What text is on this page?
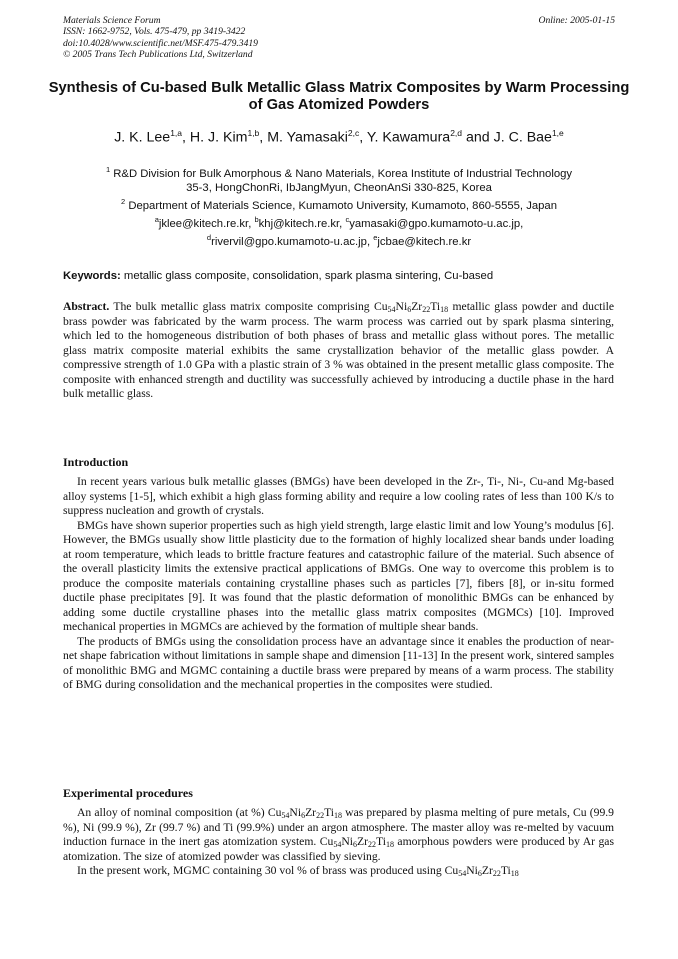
Materials Science Forum
ISSN: 1662-9752, Vols. 475-479, pp 3419-3422
doi:10.4028/www.scientific.net/MSF.475-479.3419
© 2005 Trans Tech Publications Ltd, Switzerland
Online: 2005-01-15
Synthesis of Cu-based Bulk Metallic Glass Matrix Composites by Warm Processing of Gas Atomized Powders
J. K. Lee$^{1,a}$, H. J. Kim$^{1,b}$, M. Yamasaki$^{2,c}$, Y. Kawamura$^{2,d}$ and J. C. Bae$^{1,e}$
$^1$ R&D Division for Bulk Amorphous & Nano Materials, Korea Institute of Industrial Technology
35-3, HongChonRi, IbJangMyun, CheonAnSi 330-825, Korea
$^2$ Department of Materials Science, Kumamoto University, Kumamoto, 860-5555, Japan
$^a$jklee@kitech.re.kr, $^b$khj@kitech.re.kr, $^c$yamasaki@gpo.kumamoto-u.ac.jp,
$^d$rivervil@gpo.kumamoto-u.ac.jp, $^e$jcbae@kitech.re.kr
Keywords: metallic glass composite, consolidation, spark plasma sintering, Cu-based

Abstract. The bulk metallic glass matrix composite comprising $Cu_{54}Ni_6Zr_{22}Ti_{18}$ metallic glass powder and ductile brass powder was fabricated by the warm process. The warm process was carried out by spark plasma sintering, which led to the homogeneous distribution of both phases of brass and metallic glass without pores. The metallic glass matrix composite material exhibits the same crystallization behavior of the metallic glass powder. A compressive strength of 1.0 GPa with a plastic strain of 3 % was obtained in the present metallic glass composite. The composite with enhanced strength and ductility was successfully achieved by introducing a ductile phase in the hard bulk metallic glass.

Introduction

In recent years various bulk metallic glasses (BMGs) have been developed in the Zr-, Ti-, Ni-, Cu-and Mg-based alloy systems [1-5], which exhibit a high glass forming ability and require a low cooling rates of less than 100 K/s to suppress nucleation and growth of crystals.

BMGs have shown superior properties such as high yield strength, large elastic limit and low Young’s modulus [6]. However, the BMGs usually show little plasticity due to the formation of highly localized shear bands under loading at room temperature, which leads to brittle fracture features and catastrophic failure of the material. Such absence of the overall plasticity limits the extensive practical applications of BMGs. One way to overcome this problem is to produce the composite materials containing crystalline phases such as particles [7], fibers [8], or in-situ formed ductile phase precipitates [9]. It was found that the plastic deformation of monolithic BMGs can be enhanced by adding some ductile crystalline phases into the metallic glass matrix composites (MGMCs) [10]. Improved mechanical properties in MGMCs are achieved by the formation of multiple shear bands.

The products of BMGs using the consolidation process have an advantage since it enables the production of near-net shape fabrication without limitations in sample shape and dimension [11-13] In the present work, sintered samples of monolithic BMG and MGMC containing a ductile brass were prepared by means of a warm process. The stability of BMG during consolidation and the mechanical properties in the composites were studied.

Experimental procedures

An alloy of nominal composition (at %) $Cu_{54}Ni_6Zr_{22}Ti_{18}$ was prepared by plasma melting of pure metals, Cu (99.9 %), Ni (99.9 %), Zr (99.7 %) and Ti (99.9%) under an argon atmosphere. The master alloy was re-melted by vacuum induction furnace in the inert gas atomization system. $Cu_{54}Ni_6Zr_{22}Ti_{18}$ amorphous powders were produced by Ar gas atomization. The size of atomized powder was classified by sieving.

In the present work, MGMC containing 30 vol % of brass was produced using $Cu_{54}Ni_6Zr_{22}Ti_{18}$
